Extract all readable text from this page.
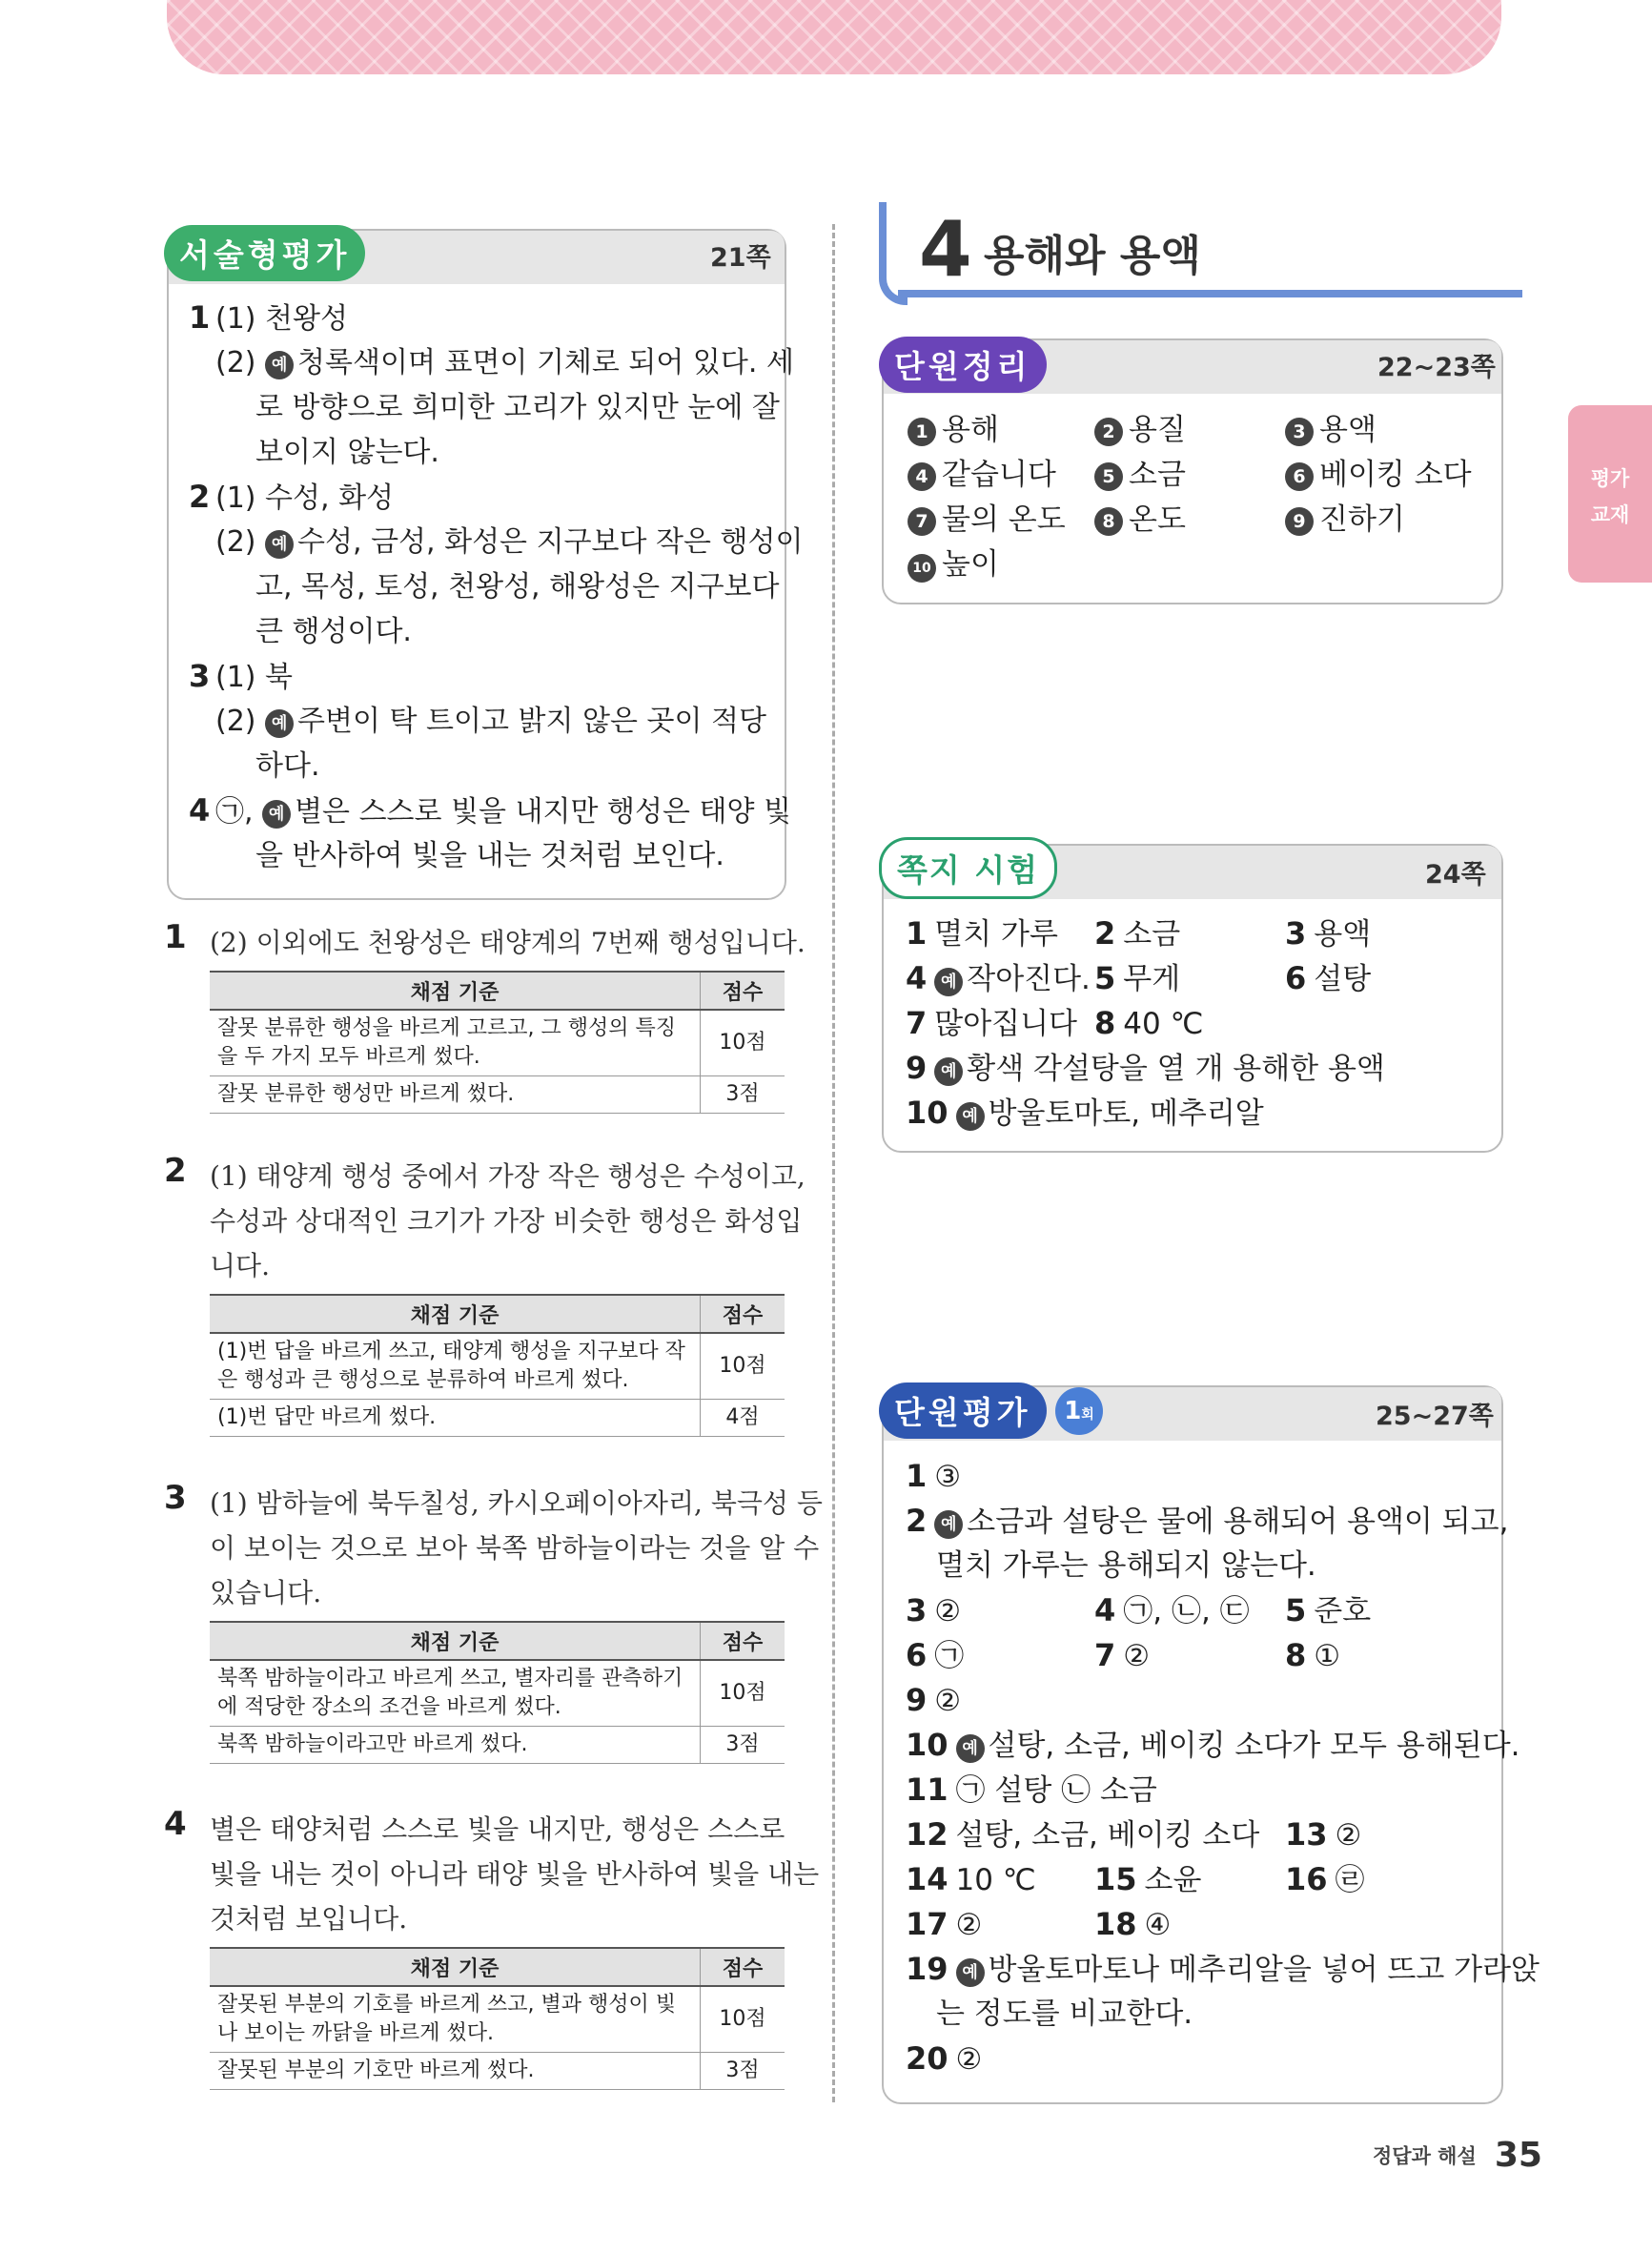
평가
교재
서술형평가	21쪽
1 (1) 천왕성
(2) 예 청록색이며 표면이 기체로 되어 있다. 세
로 방향으로 희미한 고리가 있지만 눈에 잘
보이지 않는다.
2 (1) 수성, 화성
(2) 예 수성, 금성, 화성은 지구보다 작은 행성이
고, 목성, 토성, 천왕성, 해왕성은 지구보다
큰 행성이다.
3 (1) 북
(2) 예 주변이 탁 트이고 밝지 않은 곳이 적당
하다.
4 ㉠, 예 별은 스스로 빛을 내지만 행성은 태양 빛
을 반사하여 빛을 내는 것처럼 보인다.
1 (2) 이외에도 천왕성은 태양계의 7번째 행성입니다.
채점 기준	점수
잘못 분류한 행성을 바르게 고르고, 그 행성의 특징을 두 가지 모두 바르게 썼다.	10점
잘못 분류한 행성만 바르게 썼다.	3점
2 (1) 태양계 행성 중에서 가장 작은 행성은 수성이고,
수성과 상대적인 크기가 가장 비슷한 행성은 화성입
니다.
채점 기준	점수
(1)번 답을 바르게 쓰고, 태양계 행성을 지구보다 작은 행성과 큰 행성으로 분류하여 바르게 썼다.	10점
(1)번 답만 바르게 썼다.	4점
3 (1) 밤하늘에 북두칠성, 카시오페이아자리, 북극성 등
이 보이는 것으로 보아 북쪽 밤하늘이라는 것을 알 수
있습니다.
채점 기준	점수
북쪽 밤하늘이라고 바르게 쓰고, 별자리를 관측하기에 적당한 장소의 조건을 바르게 썼다.	10점
북쪽 밤하늘이라고만 바르게 썼다.	3점
4 별은 태양처럼 스스로 빛을 내지만, 행성은 스스로
빛을 내는 것이 아니라 태양 빛을 반사하여 빛을 내는
것처럼 보입니다.
채점 기준	점수
잘못된 부분의 기호를 바르게 쓰고, 별과 행성이 빛나 보이는 까닭을 바르게 썼다.	10점
잘못된 부분의 기호만 바르게 썼다.	3점
4 용해와 용액
단원정리	22~23쪽
1 용해	2 용질	3 용액
4 같습니다	5 소금	6 베이킹 소다
7 물의 온도	8 온도	9 진하기
10 높이
쪽지 시험	24쪽
1 멸치 가루 2 소금	3 용액
4 예 작아진다. 5 무게	6 설탕
7 많아집니다 8 40 ℃
9 예 황색 각설탕을 열 개 용해한 용액
10 예 방울토마토, 메추리알
단원평가	1회	25~27쪽
1 ③
2 예 소금과 설탕은 물에 용해되어 용액이 되고,
멸치 가루는 용해되지 않는다.
3 ②	4 ㉠, ㉡, ㉢ 5 준호
6 ㉠	7 ②	8 ①
9 ②
10 예 설탕, 소금, 베이킹 소다가 모두 용해된다.
11 ㉠ 설탕 ㉡ 소금
12 설탕, 소금, 베이킹 소다 13 ②
14 10 ℃ 15 소윤	16 ㉣
17 ②	18 ④
19 예 방울토마토나 메추리알을 넣어 뜨고 가라앉
는 정도를 비교한다.
20 ②
정답과 해설 35
